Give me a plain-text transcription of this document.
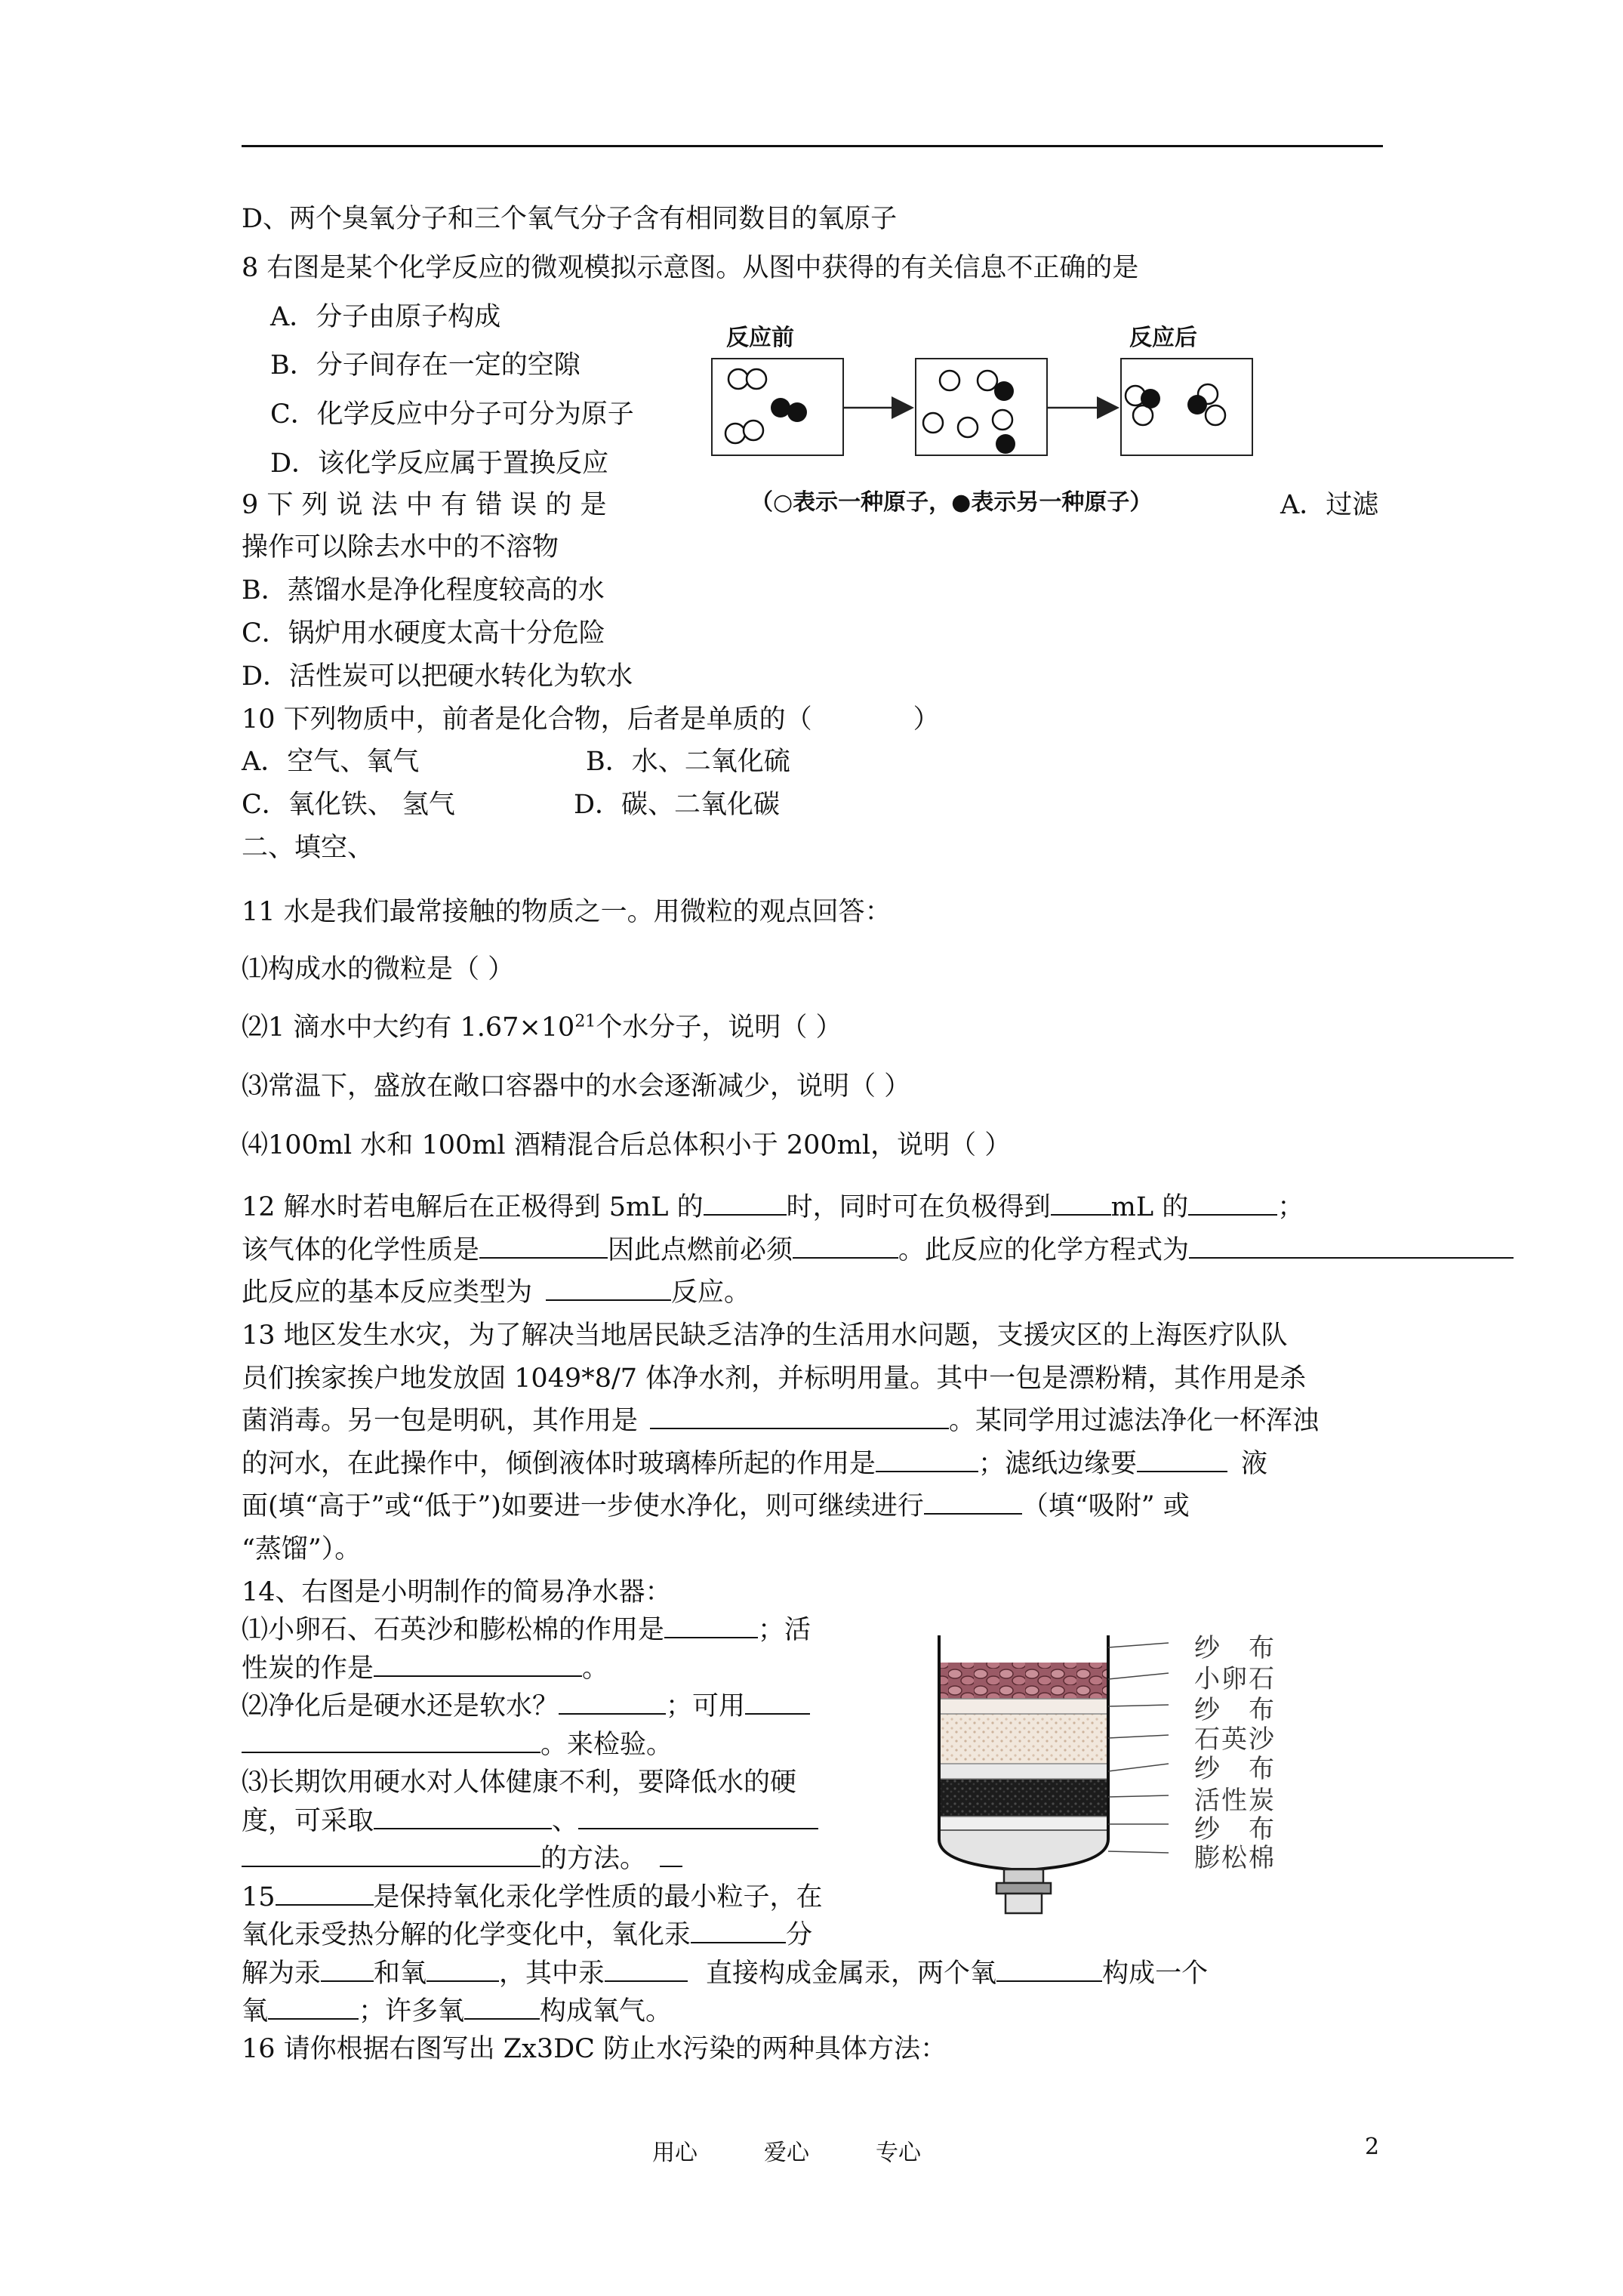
D、两个臭氧分子和三个氧气分子含有相同数目的氧原子
8 右图是某个化学反应的微观模拟示意图。从图中获得的有关信息不正确的是
A．分子由原子构成
B．分子间存在一定的空隙
C．化学反应中分子可分为原子
D．该化学反应属于置换反应
反应前	反应后
（○表示一种原子，●表示另一种原子）
9 下 列 说 法 中 有 错 误 的 是	A．过滤
操作可以除去水中的不溶物
B．蒸馏水是净化程度较高的水
C．锅炉用水硬度太高十分危险
D．活性炭可以把硬水转化为软水
10 下列物质中，前者是化合物，后者是单质的（	）
A．空气、氧气	B．水、二氧化硫
C．氧化铁、 氢气	D．碳、二氧化碳
二、填空、
11 水是我们最常接触的物质之一。用微粒的观点回答：
⑴构成水的微粒是（ ）
⑵1 滴水中大约有 $1.67\times 10^{21}$个水分子，说明（ ）
⑶常温下，盛放在敞口容器中的水会逐渐减少，说明（ ）
⑷100ml 水和 100ml 酒精混合后总体积小于 200ml，说明（ ）
12 解水时若电解后在正极得到 5mL 的	时，同时可在负极得到 mL 的	；
该气体的化学性质是	因此点燃前必须	。此反应的化学方程式为
此反应的基本反应类型为	反应。
13 地区发生水灾，为了解决当地居民缺乏洁净的生活用水问题，支援灾区的上海医疗队队
员们挨家挨户地发放固 1049*8/7 体净水剂，并标明用量。其中一包是漂粉精，其作用是杀
菌消毒。另一包是明矾，其作用是	。某同学用过滤法净化一杯浑浊
的河水，在此操作中，倾倒液体时玻璃棒所起的作用是	；滤纸边缘要	液
面(填“高于”或“低于”)如要进一步使水净化，则可继续进行	（填“吸附” 或
“蒸馏”）。
14、右图是小明制作的简易净水器：
⑴小卵石、石英沙和膨松棉的作用是	；活
性炭的作是	。
⑵净化后是硬水还是软水？	；可用
。来检验。
⑶长期饮用硬水对人体健康不利，要降低水的硬
度，可采取	、
的方法。
纱　布
小卵石
纱　布
石英沙
纱　布
活性炭
纱　布
膨松棉
15	是保持氧化汞化学性质的最小粒子，在
氧化汞受热分解的化学变化中，氧化汞	分
解为汞 和氧	，其中汞	直接构成金属汞，两个氧	构成一个
氧	；许多氧	构成氧气。
16 请你根据右图写出 Zx3DC 防止水污染的两种具体方法：
用心	爱心	专心	2
